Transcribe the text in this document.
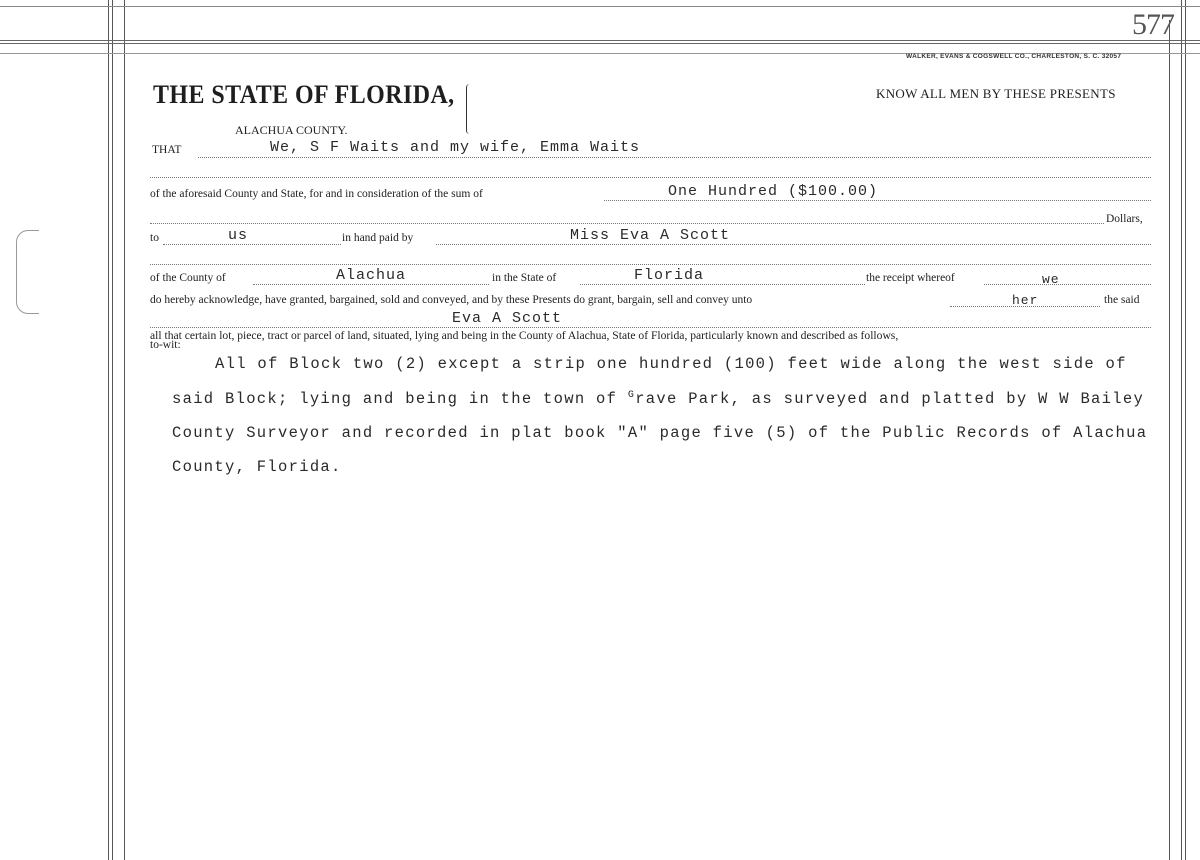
577
WALKER, EVANS & COGSWELL CO., CHARLESTON, S. C. 32057
THE STATE OF FLORIDA,	KNOW ALL MEN BY THESE PRESENTS
ALACHUA COUNTY.
THAT	We, S F Waits and my wife, Emma Waits
of the aforesaid County and State, for and in consideration of the sum of	One Hundred ($100.00)
Dollars,
to	us	in hand paid by	Miss Eva A Scott
of the County of	Alachua	in the State of	Florida	the receipt whereof	we
do hereby acknowledge, have granted, bargained, sold and conveyed, and by these Presents do grant, bargain, sell and convey unto	her	the said
Eva A Scott
all that certain lot, piece, tract or parcel of land, situated, lying and being in the County of Alachua, State of Florida, particularly known and described as follows,
to-wit:
All of Block two (2) except a strip one hundred (100) feet wide along the west side of
said Block; lying and being in the town of $^G$rave Park, as surveyed and platted by W W Bailey
County Surveyor and recorded in plat book "A" page five (5) of the Public Records of Alachua
County, Florida.
